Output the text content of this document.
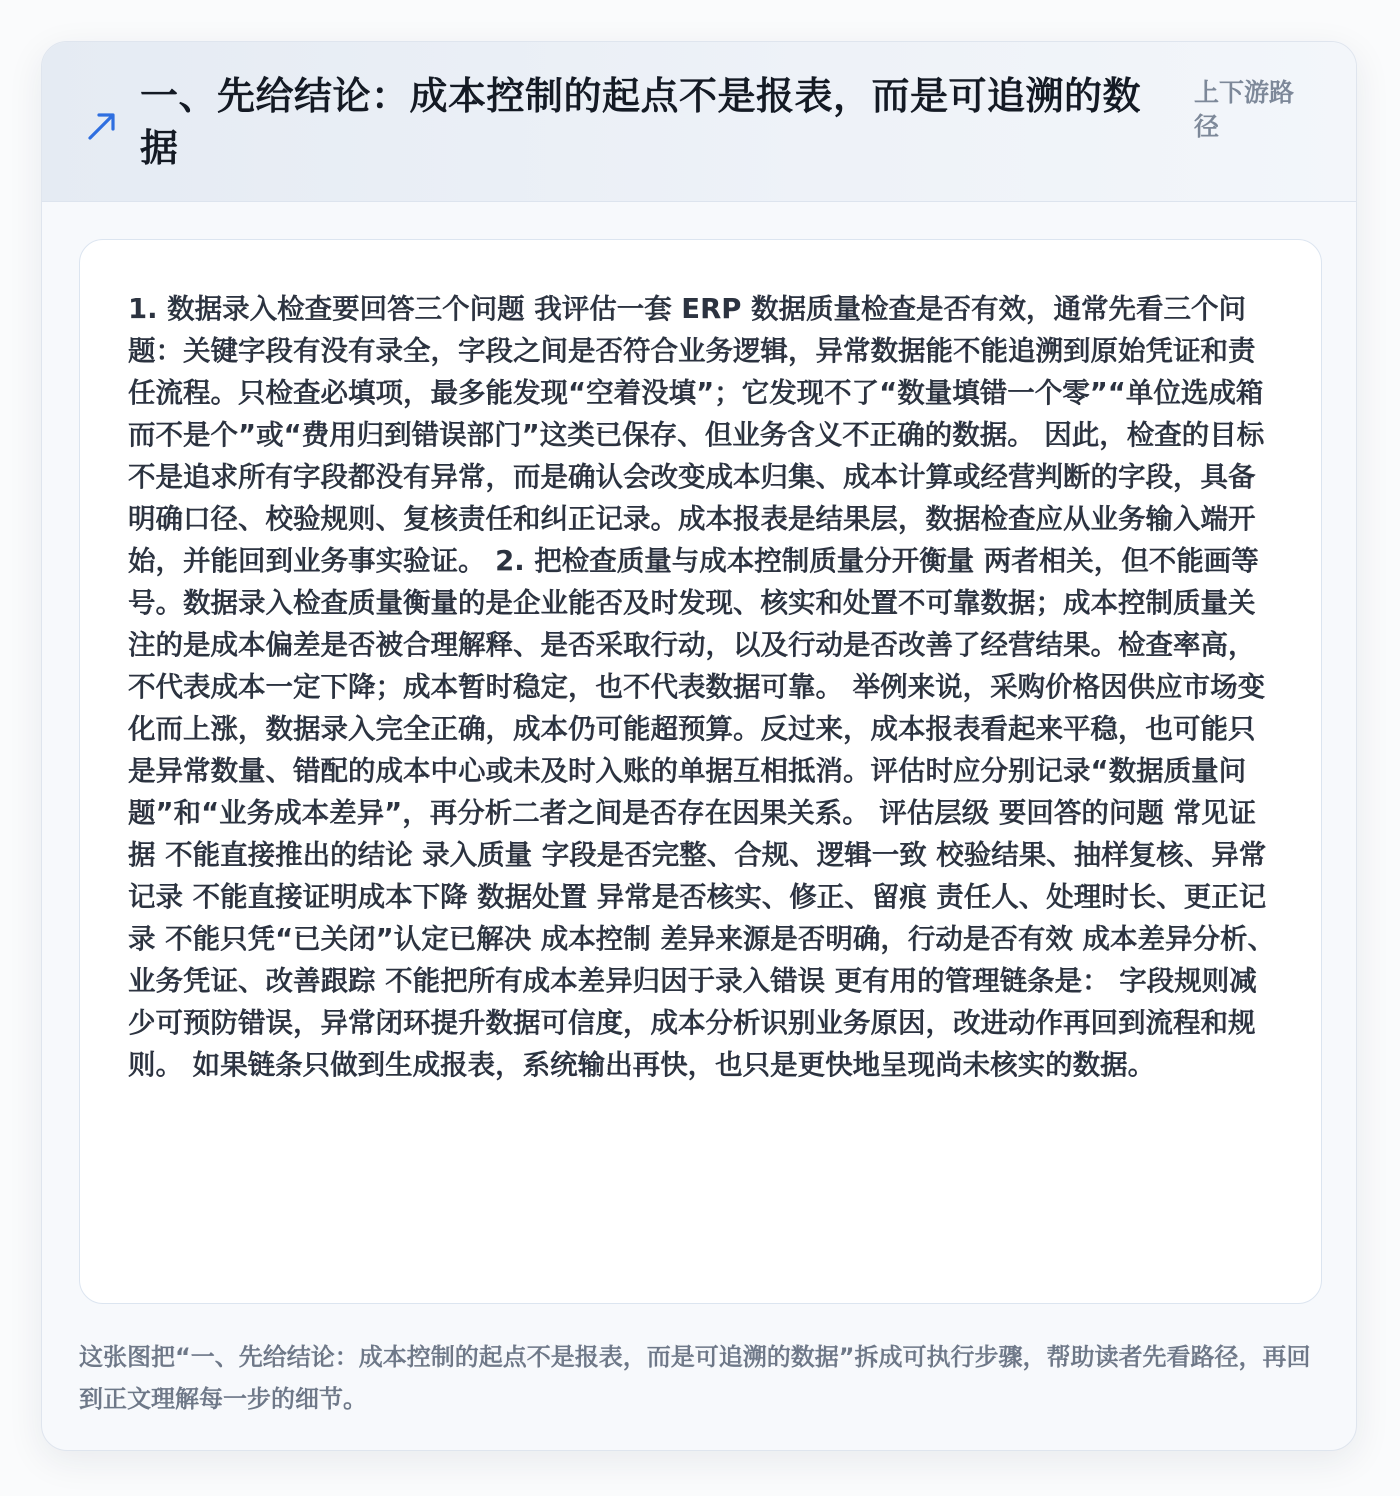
一、先给结论：成本控制的起点不是报表，而是可追溯的数据
上下游路径

1. 数据录入检查要回答三个问题 我评估一套 ERP 数据质量检查是否有效，通常先看三个问题：关键字段有没有录全，字段之间是否符合业务逻辑，异常数据能不能追溯到原始凭证和责任流程。只检查必填项，最多能发现“空着没填”；它发现不了“数量填错一个零”“单位选成箱而不是个”或“费用归到错误部门”这类已保存、但业务含义不正确的数据。 因此，检查的目标不是追求所有字段都没有异常，而是确认会改变成本归集、成本计算或经营判断的字段，具备明确口径、校验规则、复核责任和纠正记录。成本报表是结果层，数据检查应从业务输入端开始，并能回到业务事实验证。 2. 把检查质量与成本控制质量分开衡量 两者相关，但不能画等号。数据录入检查质量衡量的是企业能否及时发现、核实和处置不可靠数据；成本控制质量关注的是成本偏差是否被合理解释、是否采取行动，以及行动是否改善了经营结果。检查率高，不代表成本一定下降；成本暂时稳定，也不代表数据可靠。 举例来说，采购价格因供应市场变化而上涨，数据录入完全正确，成本仍可能超预算。反过来，成本报表看起来平稳，也可能只是异常数量、错配的成本中心或未及时入账的单据互相抵消。评估时应分别记录“数据质量问题”和“业务成本差异”，再分析二者之间是否存在因果关系。 评估层级 要回答的问题 常见证据 不能直接推出的结论 录入质量 字段是否完整、合规、逻辑一致 校验结果、抽样复核、异常记录 不能直接证明成本下降 数据处置 异常是否核实、修正、留痕 责任人、处理时长、更正记录 不能只凭“已关闭”认定已解决 成本控制 差异来源是否明确，行动是否有效 成本差异分析、业务凭证、改善跟踪 不能把所有成本差异归因于录入错误 更有用的管理链条是： 字段规则减少可预防错误，异常闭环提升数据可信度，成本分析识别业务原因，改进动作再回到流程和规则。 如果链条只做到生成报表，系统输出再快，也只是更快地呈现尚未核实的数据。

这张图把“一、先给结论：成本控制的起点不是报表，而是可追溯的数据”拆成可执行步骤，帮助读者先看路径，再回到正文理解每一步的细节。
